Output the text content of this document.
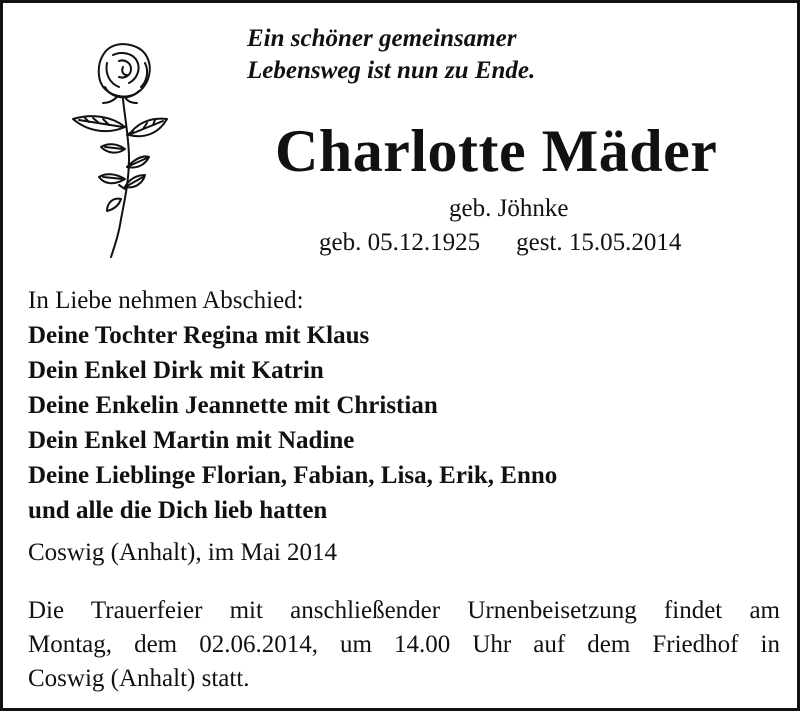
Ein schöner gemeinsamer
Lebensweg ist nun zu Ende.
Charlotte Mäder
geb. Jöhnke
geb. 05.12.1925 gest. 15.05.2014
In Liebe nehmen Abschied:
Deine Tochter Regina mit Klaus
Dein Enkel Dirk mit Katrin
Deine Enkelin Jeannette mit Christian
Dein Enkel Martin mit Nadine
Deine Lieblinge Florian, Fabian, Lisa, Erik, Enno
und alle die Dich lieb hatten
Coswig (Anhalt), im Mai 2014
Die Trauerfeier mit anschließender Urnenbeisetzung findet am
Montag, dem 02.06.2014, um 14.00 Uhr auf dem Friedhof in
Coswig (Anhalt) statt.
